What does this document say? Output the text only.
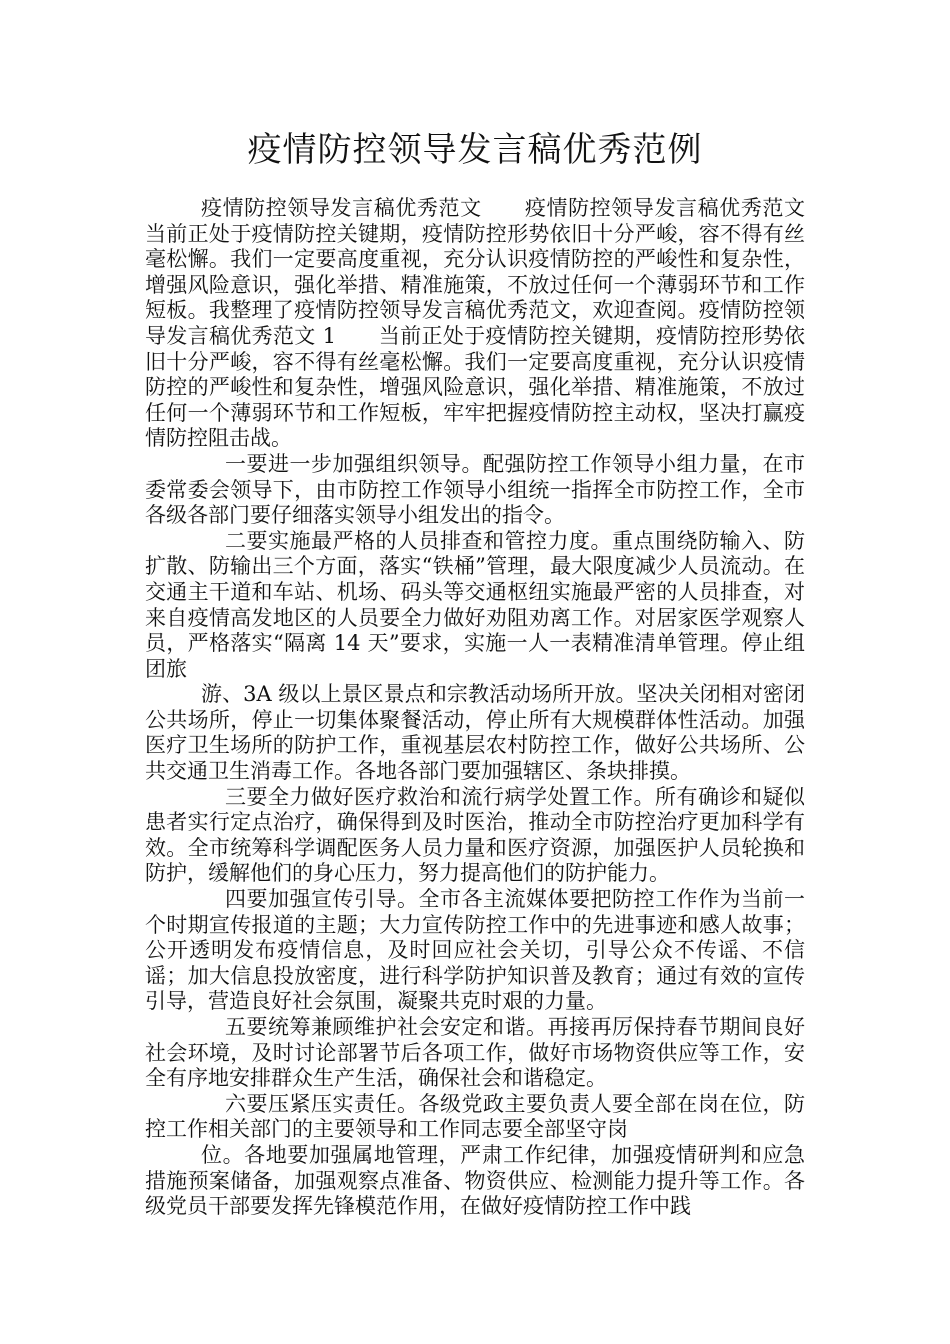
疫情防控领导发言稿优秀范例

疫情防控领导发言稿优秀范文　　疫情防控领导发言稿优秀范文当前正处于疫情防控关键期，疫情防控形势依旧十分严峻，容不得有丝毫松懈。我们一定要高度重视，充分认识疫情防控的严峻性和复杂性，增强风险意识，强化举措、精准施策，不放过任何一个薄弱环节和工作短板。我整理了疫情防控领导发言稿优秀范文，欢迎查阅。疫情防控领导发言稿优秀范文 1　　当前正处于疫情防控关键期，疫情防控形势依旧十分严峻，容不得有丝毫松懈。我们一定要高度重视，充分认识疫情防控的严峻性和复杂性，增强风险意识，强化举措、精准施策，不放过任何一个薄弱环节和工作短板，牢牢把握疫情防控主动权，坚决打赢疫情防控阻击战。

一要进一步加强组织领导。配强防控工作领导小组力量，在市委常委会领导下，由市防控工作领导小组统一指挥全市防控工作，全市各级各部门要仔细落实领导小组发出的指令。

二要实施最严格的人员排查和管控力度。重点围绕防输入、防扩散、防输出三个方面，落实“铁桶”管理，最大限度减少人员流动。在交通主干道和车站、机场、码头等交通枢纽实施最严密的人员排查，对来自疫情高发地区的人员要全力做好劝阻劝离工作。对居家医学观察人员，严格落实“隔离 14 天”要求，实施一人一表精准清单管理。停止组团旅

游、3A 级以上景区景点和宗教活动场所开放。坚决关闭相对密闭公共场所，停止一切集体聚餐活动，停止所有大规模群体性活动。加强医疗卫生场所的防护工作，重视基层农村防控工作，做好公共场所、公共交通卫生消毒工作。各地各部门要加强辖区、条块排摸。

三要全力做好医疗救治和流行病学处置工作。所有确诊和疑似患者实行定点治疗，确保得到及时医治，推动全市防控治疗更加科学有效。全市统筹科学调配医务人员力量和医疗资源，加强医护人员轮换和防护，缓解他们的身心压力，努力提高他们的防护能力。

四要加强宣传引导。全市各主流媒体要把防控工作作为当前一个时期宣传报道的主题；大力宣传防控工作中的先进事迹和感人故事；公开透明发布疫情信息，及时回应社会关切，引导公众不传谣、不信谣；加大信息投放密度，进行科学防护知识普及教育；通过有效的宣传引导，营造良好社会氛围，凝聚共克时艰的力量。

五要统筹兼顾维护社会安定和谐。再接再厉保持春节期间良好社会环境，及时讨论部署节后各项工作，做好市场物资供应等工作，安全有序地安排群众生产生活，确保社会和谐稳定。

六要压紧压实责任。各级党政主要负责人要全部在岗在位，防控工作相关部门的主要领导和工作同志要全部坚守岗

位。各地要加强属地管理，严肃工作纪律，加强疫情研判和应急措施预案储备，加强观察点准备、物资供应、检测能力提升等工作。各级党员干部要发挥先锋模范作用，在做好疫情防控工作中践
